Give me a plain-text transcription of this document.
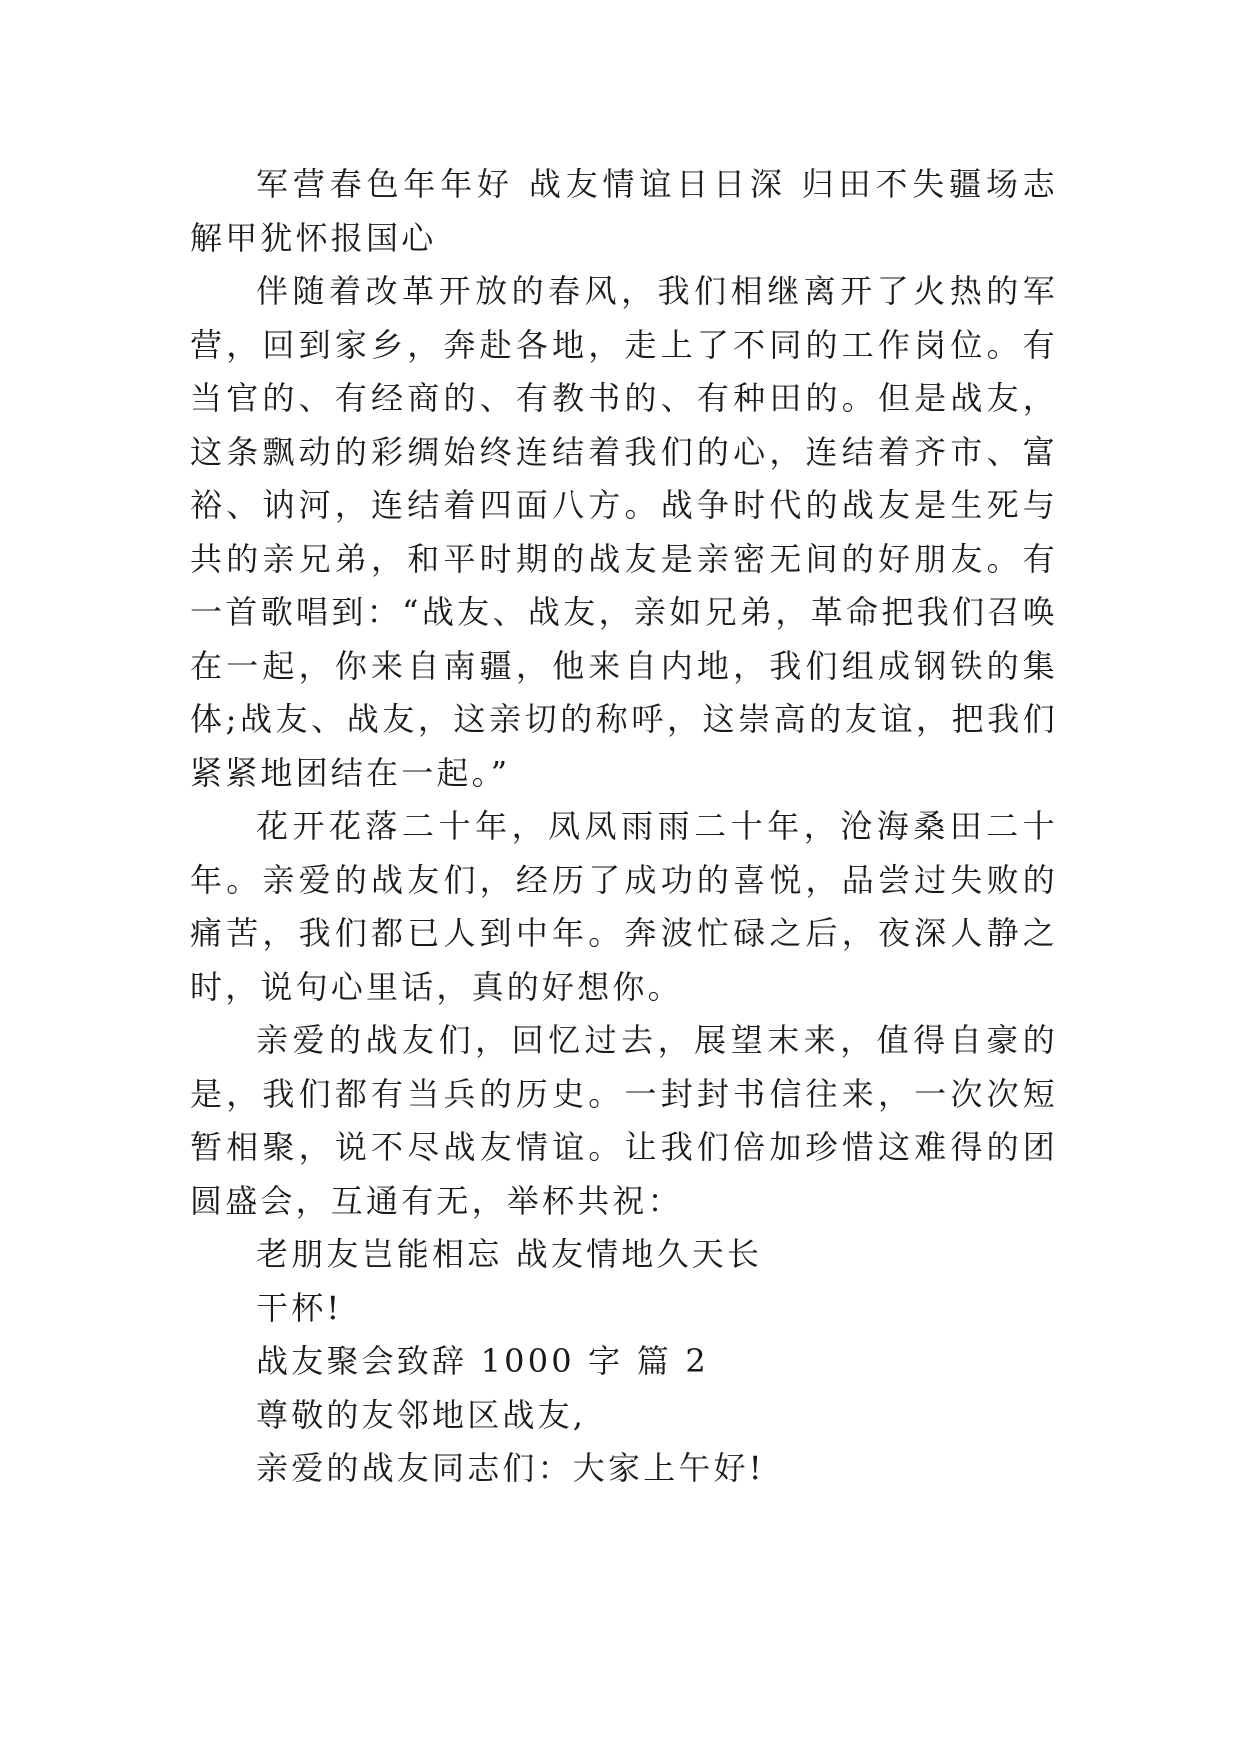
军营春色年年好 战友情谊日日深 归田不失疆场志 解甲犹怀报国心

伴随着改革开放的春风，我们相继离开了火热的军营，回到家乡，奔赴各地，走上了不同的工作岗位。有当官的、有经商的、有教书的、有种田的。但是战友，这条飘动的彩绸始终连结着我们的心，连结着齐市、富裕、讷河，连结着四面八方。战争时代的战友是生死与共的亲兄弟，和平时期的战友是亲密无间的好朋友。有一首歌唱到：“战友、战友，亲如兄弟，革命把我们召唤在一起，你来自南疆，他来自内地，我们组成钢铁的集体;战友、战友，这亲切的称呼，这崇高的友谊，把我们紧紧地团结在一起。”

花开花落二十年，凤凤雨雨二十年，沧海桑田二十年。亲爱的战友们，经历了成功的喜悦，品尝过失败的痛苦，我们都已人到中年。奔波忙碌之后，夜深人静之时，说句心里话，真的好想你。

亲爱的战友们，回忆过去，展望末来，值得自豪的是，我们都有当兵的历史。一封封书信往来，一次次短暂相聚，说不尽战友情谊。让我们倍加珍惜这难得的团圆盛会，互通有无，举杯共祝：

老朋友岂能相忘 战友情地久天长

干杯!

战友聚会致辞 1000 字 篇 2

尊敬的友邻地区战友,

亲爱的战友同志们：大家上午好!
